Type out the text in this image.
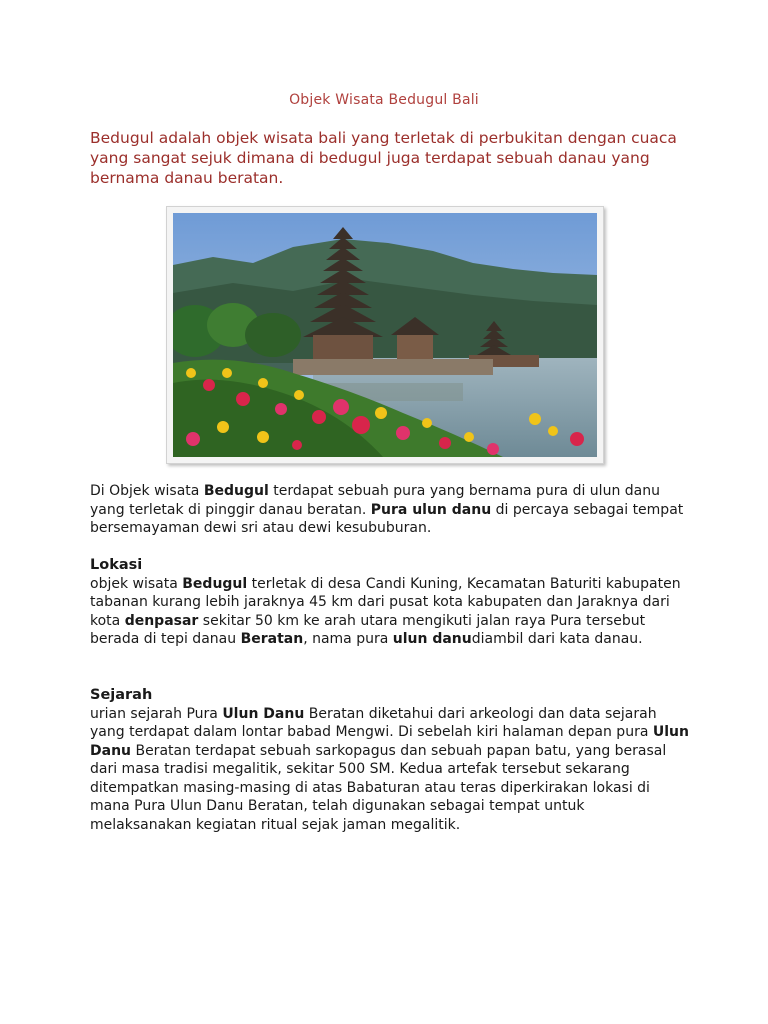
Objek Wisata Bedugul Bali
Bedugul adalah objek wisata bali yang terletak di perbukitan dengan cuaca yang sangat sejuk dimana di bedugul juga terdapat sebuah danau yang bernama danau beratan.
Di Objek wisata Bedugul terdapat sebuah pura yang bernama pura di ulun danu yang terletak di pinggir danau beratan. Pura ulun danu di percaya sebagai tempat bersemayaman dewi sri atau dewi kesububuran.
Lokasi
objek wisata Bedugul terletak di desa Candi Kuning, Kecamatan Baturiti kabupaten tabanan kurang lebih jaraknya 45 km dari pusat kota kabupaten dan Jaraknya dari kota denpasar sekitar 50 km ke arah utara mengikuti jalan raya Pura tersebut berada di tepi danau Beratan, nama pura ulun danudiambil dari kata danau.
Sejarah
urian sejarah Pura Ulun Danu Beratan diketahui dari arkeologi dan data sejarah yang terdapat dalam lontar babad Mengwi. Di sebelah kiri halaman depan pura Ulun Danu Beratan terdapat sebuah sarkopagus dan sebuah papan batu, yang berasal dari masa tradisi megalitik, sekitar 500 SM. Kedua artefak tersebut sekarang ditempatkan masing-masing di atas Babaturan atau teras diperkirakan lokasi di mana Pura Ulun Danu Beratan, telah digunakan sebagai tempat untuk melaksanakan kegiatan ritual sejak jaman megalitik.
